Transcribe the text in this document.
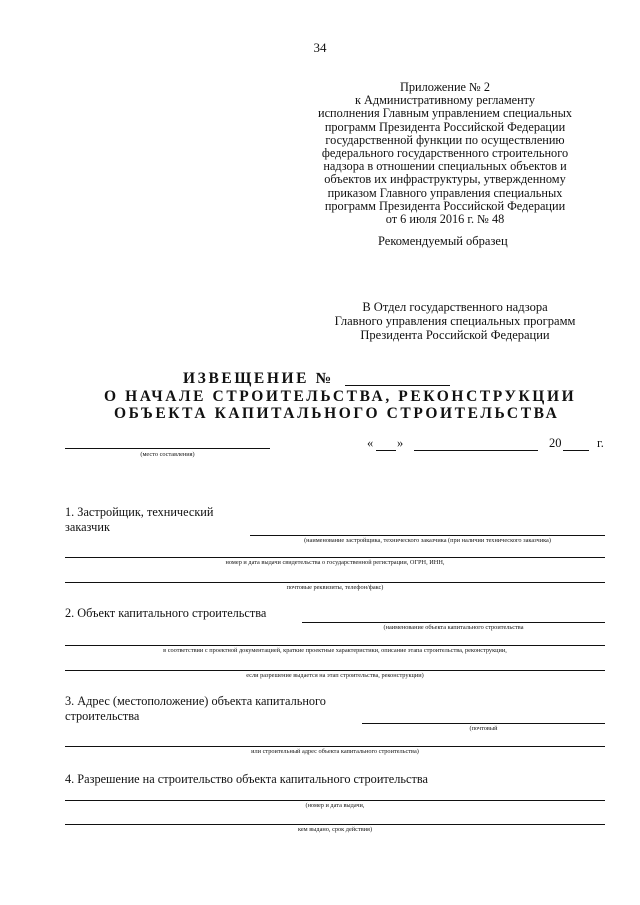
34
Приложение № 2
к Административному регламенту
исполнения Главным управлением специальных
программ Президента Российской Федерации
государственной функции по осуществлению
федерального государственного строительного
надзора в отношении специальных объектов и
объектов их инфраструктуры, утвержденному
приказом Главного управления специальных
программ Президента Российской Федерации
от 6 июля 2016 г. № 48
Рекомендуемый образец
В Отдел государственного надзора
Главного управления специальных программ
Президента Российской Федерации
ИЗВЕЩЕНИЕ №
О НАЧАЛЕ СТРОИТЕЛЬСТВА, РЕКОНСТРУКЦИИ
ОБЪЕКТА КАПИТАЛЬНОГО СТРОИТЕЛЬСТВА
(место составления)
« »	20	г.
1. Застройщик, технический
заказчик
(наименование застройщика, технического заказчика (при наличии технического заказчика)
номер и дата выдачи свидетельства о государственной регистрации, ОГРН, ИНН,
почтовые реквизиты, телефон/факс)
2. Объект капитального строительства
(наименование объекта капитального строительства
в соответствии с проектной документацией, краткие проектные характеристики, описание этапа строительства, реконструкции,
если разрешение выдается на этап строительства, реконструкции)
3. Адрес (местоположение) объекта капитального
строительства
(почтовый
или строительный адрес объекта капитального строительства)
4. Разрешение на строительство объекта капитального строительства
(номер и дата выдачи,
кем выдано, срок действия)
